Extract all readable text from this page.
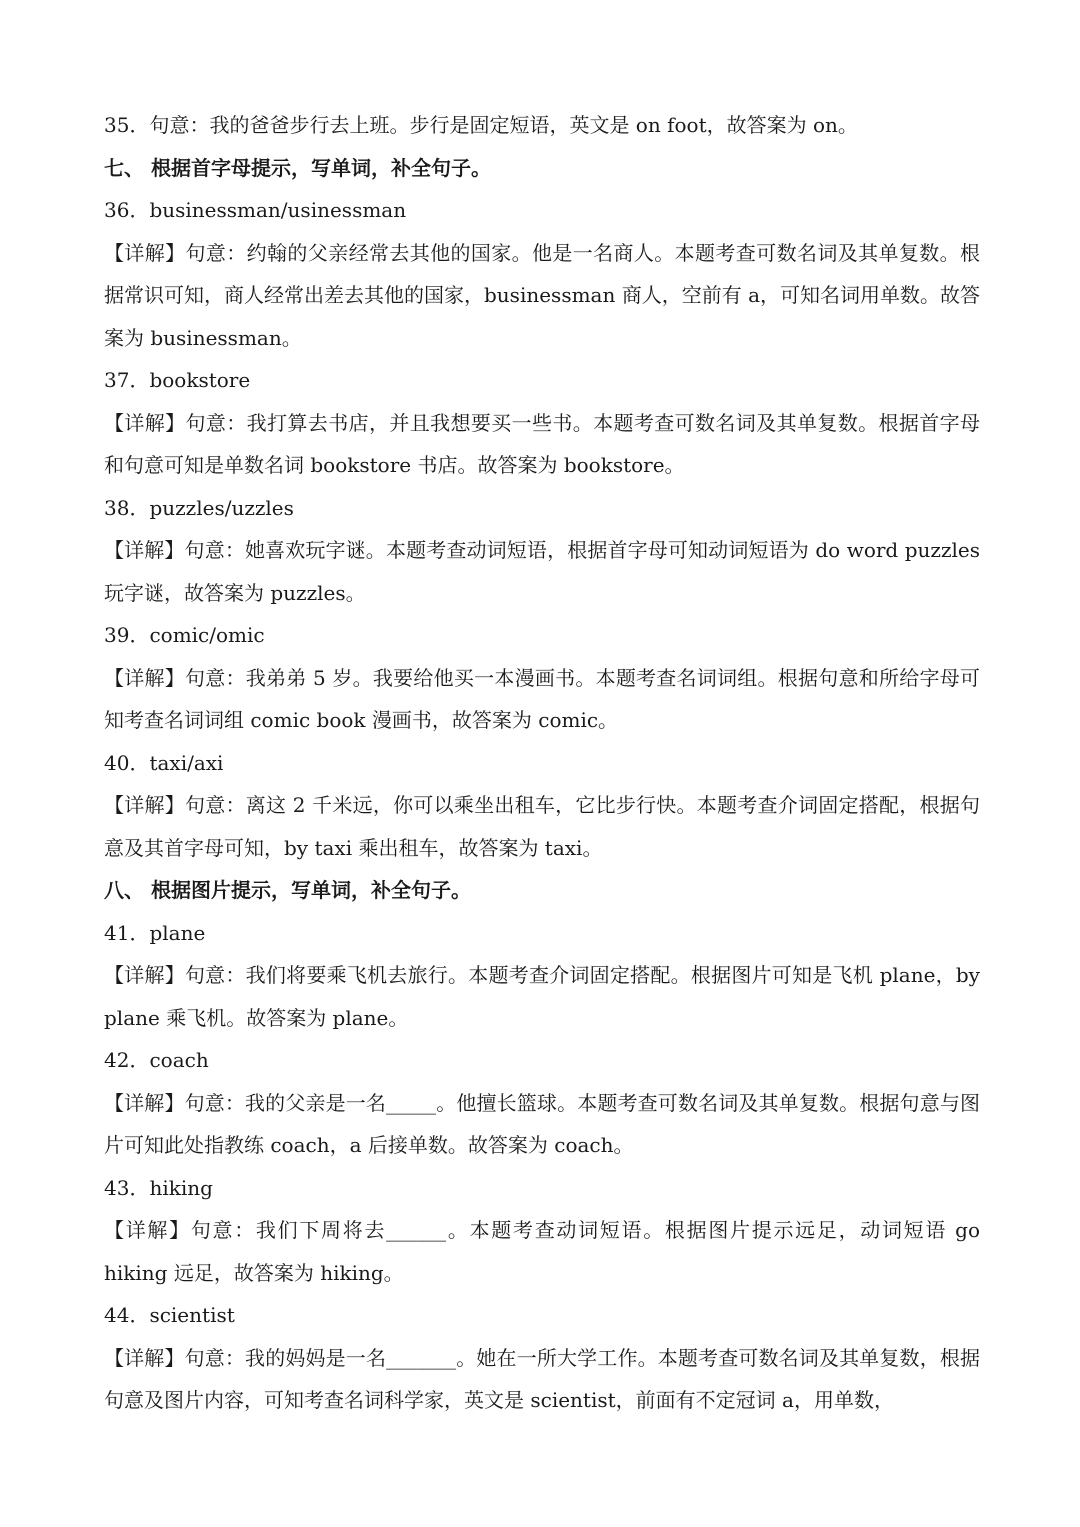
35．句意：我的爸爸步行去上班。步行是固定短语，英文是 on foot，故答案为 on。

七、 根据首字母提示，写单词，补全句子。

36．businessman/usinessman

【详解】句意：约翰的父亲经常去其他的国家。他是一名商人。本题考查可数名词及其单复数。根据常识可知，商人经常出差去其他的国家，businessman 商人，空前有 a，可知名词用单数。故答案为 businessman。

37．bookstore

【详解】句意：我打算去书店，并且我想要买一些书。本题考查可数名词及其单复数。根据首字母和句意可知是单数名词 bookstore 书店。故答案为 bookstore。

38．puzzles/uzzles

【详解】句意：她喜欢玩字谜。本题考查动词短语，根据首字母可知动词短语为 do word puzzles 玩字谜，故答案为 puzzles。

39．comic/omic

【详解】句意：我弟弟 5 岁。我要给他买一本漫画书。本题考查名词词组。根据句意和所给字母可知考查名词词组 comic book 漫画书，故答案为 comic。

40．taxi/axi

【详解】句意：离这 2 千米远，你可以乘坐出租车，它比步行快。本题考查介词固定搭配，根据句意及其首字母可知，by taxi 乘出租车，故答案为 taxi。

八、 根据图片提示，写单词，补全句子。

41．plane

【详解】句意：我们将要乘飞机去旅行。本题考查介词固定搭配。根据图片可知是飞机 plane，by plane 乘飞机。故答案为 plane。

42．coach

【详解】句意：我的父亲是一名_____。他擅长篮球。本题考查可数名词及其单复数。根据句意与图片可知此处指教练 coach，a 后接单数。故答案为 coach。

43．hiking

【详解】句意：我们下周将去______。本题考查动词短语。根据图片提示远足，动词短语 go hiking 远足，故答案为 hiking。

44．scientist

【详解】句意：我的妈妈是一名_______。她在一所大学工作。本题考查可数名词及其单复数，根据句意及图片内容，可知考查名词科学家，英文是 scientist，前面有不定冠词 a，用单数，
